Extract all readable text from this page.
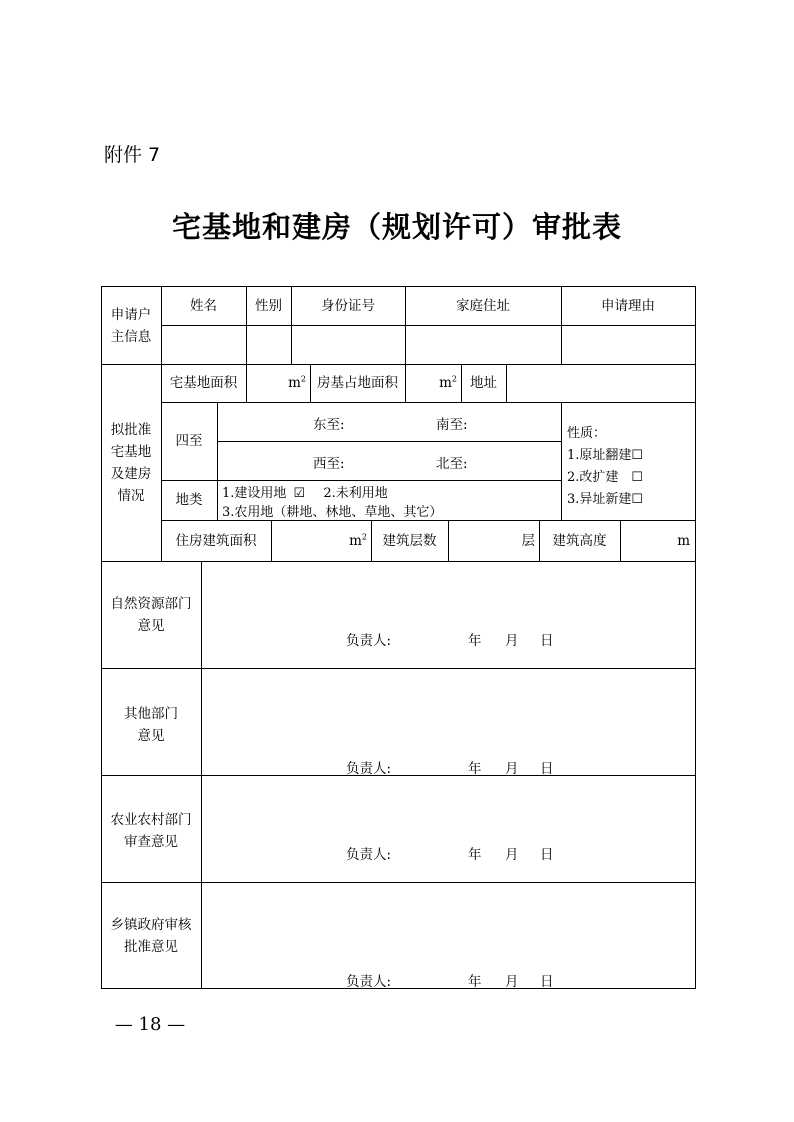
附件 7
宅基地和建房（规划许可）审批表
申请户
主信息
姓名	性别	身份证号	家庭住址	申请理由
拟批准
宅基地
及建房
情况
宅基地面积	$m^2$ 房基占地面积	$m^2$ 地址
四至
东至:	南至:
西至:	北至:
地类	1.建设用地 ☑ 2.未利用地
3.农用地（耕地、林地、草地、其它）
性质：
1.原址翻建☐
2.改扩建　☐
3.异址新建☐
住房建筑面积	$m^2$	建筑层数	层	建筑高度	m
自然资源部门
意见
负责人:	年 月 日
其他部门
意见
负责人:	年 月 日
农业农村部门
审查意见
负责人:	年 月 日
乡镇政府审核
批准意见
负责人:	年 月 日
— 18 —
